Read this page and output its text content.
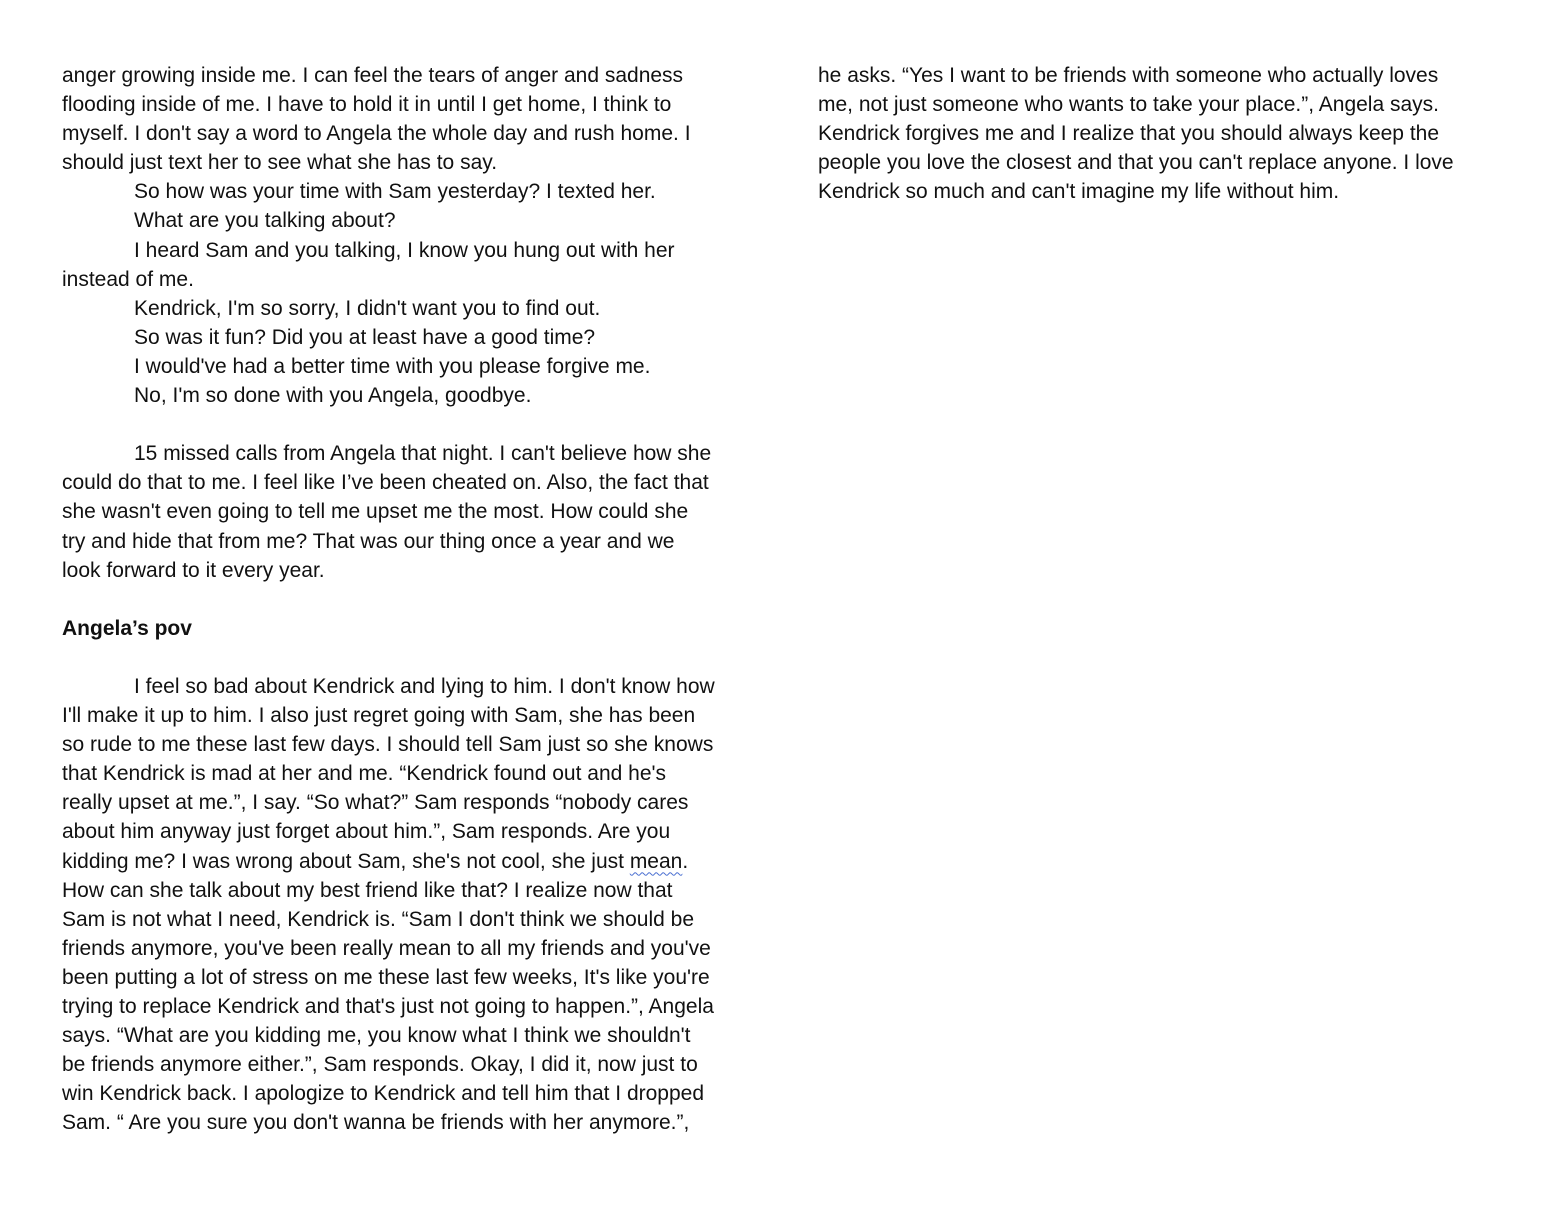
anger growing inside me. I can feel the tears of anger and sadness
flooding inside of me. I have to hold it in until I get home, I think to
myself. I don't say a word to Angela the whole day and rush home. I
should just text her to see what she has to say.
So how was your time with Sam yesterday? I texted her.
What are you talking about?
I heard Sam and you talking, I know you hung out with her
instead of me.
Kendrick, I'm so sorry, I didn't want you to find out.
So was it fun? Did you at least have a good time?
I would've had a better time with you please forgive me.
No, I'm so done with you Angela, goodbye.
15 missed calls from Angela that night. I can't believe how she
could do that to me. I feel like I’ve been cheated on. Also, the fact that
she wasn't even going to tell me upset me the most. How could she
try and hide that from me? That was our thing once a year and we
look forward to it every year.
Angela’s pov
I feel so bad about Kendrick and lying to him. I don't know how
I'll make it up to him. I also just regret going with Sam, she has been
so rude to me these last few days. I should tell Sam just so she knows
that Kendrick is mad at her and me. “Kendrick found out and he's
really upset at me.”, I say. “So what?” Sam responds “nobody cares
about him anyway just forget about him.”, Sam responds. Are you
kidding me? I was wrong about Sam, she's not cool, she just mean.
How can she talk about my best friend like that? I realize now that
Sam is not what I need, Kendrick is. “Sam I don't think we should be
friends anymore, you've been really mean to all my friends and you've
been putting a lot of stress on me these last few weeks, It's like you're
trying to replace Kendrick and that's just not going to happen.”, Angela
says. “What are you kidding me, you know what I think we shouldn't
be friends anymore either.”, Sam responds. Okay, I did it, now just to
win Kendrick back. I apologize to Kendrick and tell him that I dropped
Sam. “ Are you sure you don't wanna be friends with her anymore.”,
he asks. “Yes I want to be friends with someone who actually loves
me, not just someone who wants to take your place.”, Angela says.
Kendrick forgives me and I realize that you should always keep the
people you love the closest and that you can't replace anyone. I love
Kendrick so much and can't imagine my life without him.
